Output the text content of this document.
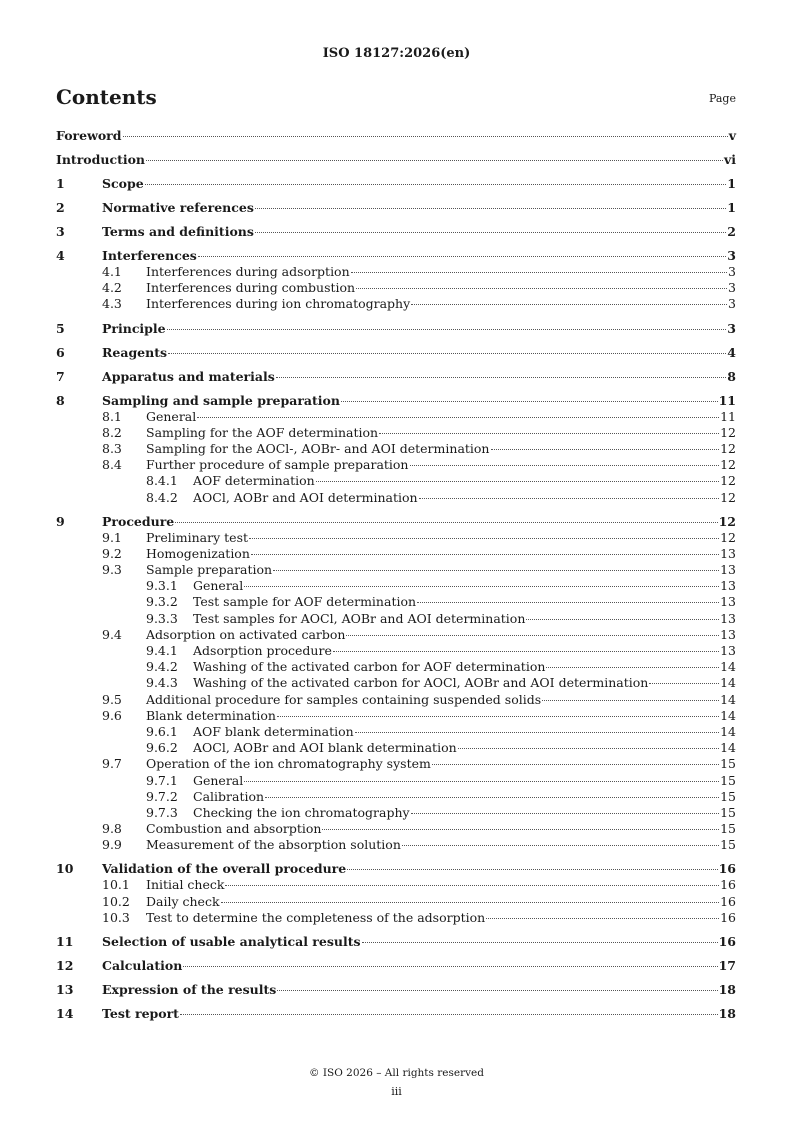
ISO 18127:2026(en)
Contents	Page
Foreword	v
Introduction	vi
1	Scope	1
2	Normative references	1
3	Terms and definitions	2
4	Interferences	3
4.1	Interferences during adsorption	3
4.2	Interferences during combustion	3
4.3	Interferences during ion chromatography	3
5	Principle	3
6	Reagents	4
7	Apparatus and materials	8
8	Sampling and sample preparation	11
8.1	General	11
8.2	Sampling for the AOF determination	12
8.3	Sampling for the AOCl-, AOBr- and AOI determination	12
8.4	Further procedure of sample preparation	12
8.4.1	AOF determination	12
8.4.2	AOCl, AOBr and AOI determination	12
9	Procedure	12
9.1	Preliminary test	12
9.2	Homogenization	13
9.3	Sample preparation	13
9.3.1	General	13
9.3.2	Test sample for AOF determination	13
9.3.3	Test samples for AOCl, AOBr and AOI determination	13
9.4	Adsorption on activated carbon	13
9.4.1	Adsorption procedure	13
9.4.2	Washing of the activated carbon for AOF determination	14
9.4.3	Washing of the activated carbon for AOCl, AOBr and AOI determination	14
9.5	Additional procedure for samples containing suspended solids	14
9.6	Blank determination	14
9.6.1	AOF blank determination	14
9.6.2	AOCl, AOBr and AOI blank determination	14
9.7	Operation of the ion chromatography system	15
9.7.1	General	15
9.7.2	Calibration	15
9.7.3	Checking the ion chromatography	15
9.8	Combustion and absorption	15
9.9	Measurement of the absorption solution	15
10	Validation of the overall procedure	16
10.1	Initial check	16
10.2	Daily check	16
10.3	Test to determine the completeness of the adsorption	16
11	Selection of usable analytical results	16
12	Calculation	17
13	Expression of the results	18
14	Test report	18
© ISO 2026 – All rights reserved
iii
